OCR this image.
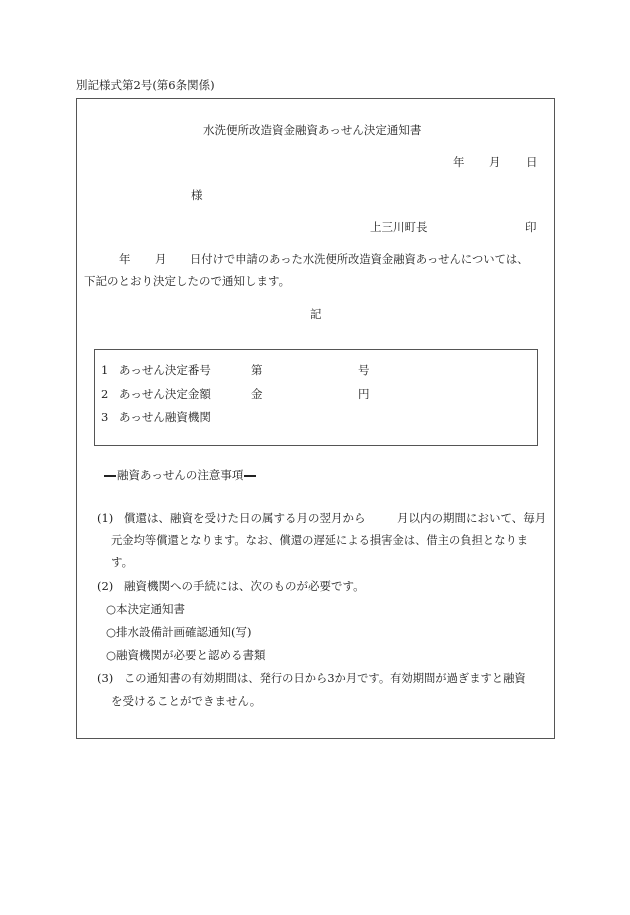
別記様式第2号(第6条関係)
水洗便所改造資金融資あっせん決定通知書
年 月 日
様
上三川町長	印
年 月 日付けで申請のあった水洗便所改造資金融資あっせんについては、
下記のとおり決定したので通知します。
記
1 あっせん決定番号	第	号
2 あっせん決定金額	金	円
3 あっせん融資機関
融資あっせんの注意事項
(1) 償還は、融資を受けた日の属する月の翌月から	月以内の期間において、毎月
元金均等償還となります。なお、償還の遅延による損害金は、借主の負担となりま
す。
(2) 融資機関への手続には、次のものが必要です。
○本決定通知書
○排水設備計画確認通知(写)
○融資機関が必要と認める書類
(3) この通知書の有効期間は、発行の日から3か月です。有効期間が過ぎますと融資
を受けることができません。
